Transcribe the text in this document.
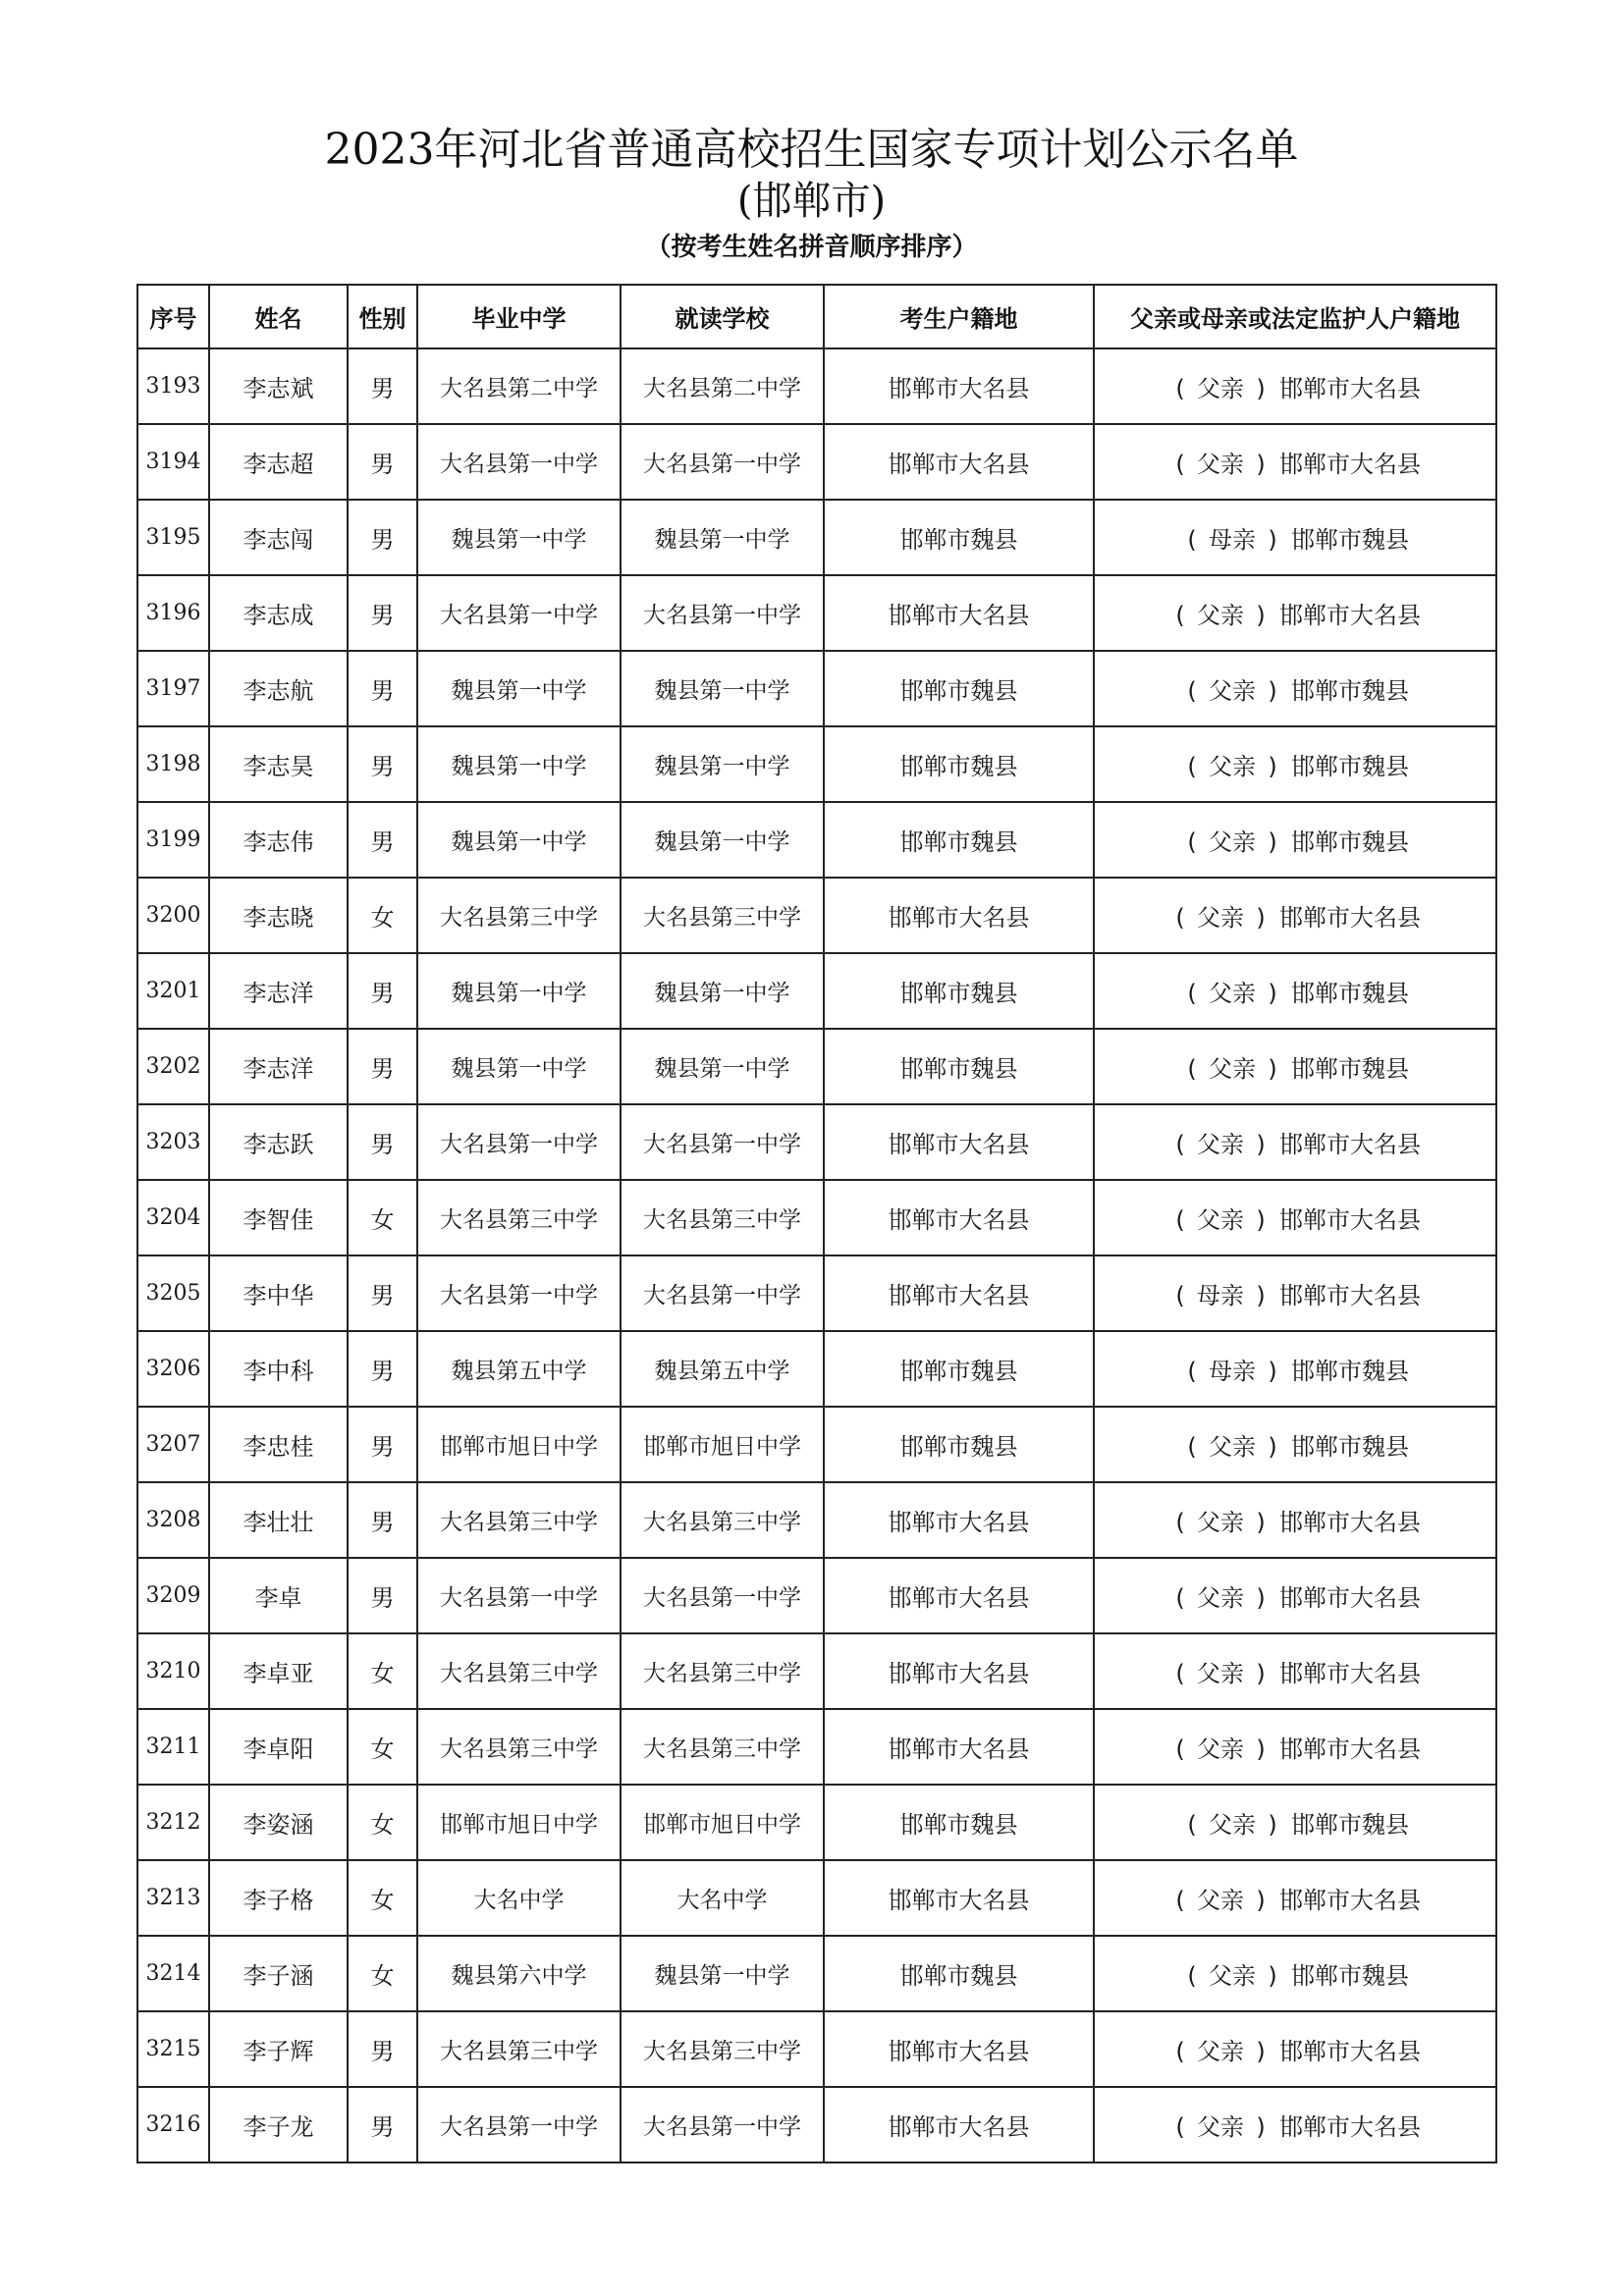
2023年河北省普通高校招生国家专项计划公示名单
(邯郸市)
（按考生姓名拼音顺序排序）
序号	姓名	性别	毕业中学	就读学校	考生户籍地	父亲或母亲或法定监护人户籍地
3193	李志斌	男	大名县第二中学	大名县第二中学	邯郸市大名县	( 父亲 ) 邯郸市大名县
3194	李志超	男	大名县第一中学	大名县第一中学	邯郸市大名县	( 父亲 ) 邯郸市大名县
3195	李志闯	男	魏县第一中学	魏县第一中学	邯郸市魏县	( 母亲 ) 邯郸市魏县
3196	李志成	男	大名县第一中学	大名县第一中学	邯郸市大名县	( 父亲 ) 邯郸市大名县
3197	李志航	男	魏县第一中学	魏县第一中学	邯郸市魏县	( 父亲 ) 邯郸市魏县
3198	李志昊	男	魏县第一中学	魏县第一中学	邯郸市魏县	( 父亲 ) 邯郸市魏县
3199	李志伟	男	魏县第一中学	魏县第一中学	邯郸市魏县	( 父亲 ) 邯郸市魏县
3200	李志晓	女	大名县第三中学	大名县第三中学	邯郸市大名县	( 父亲 ) 邯郸市大名县
3201	李志洋	男	魏县第一中学	魏县第一中学	邯郸市魏县	( 父亲 ) 邯郸市魏县
3202	李志洋	男	魏县第一中学	魏县第一中学	邯郸市魏县	( 父亲 ) 邯郸市魏县
3203	李志跃	男	大名县第一中学	大名县第一中学	邯郸市大名县	( 父亲 ) 邯郸市大名县
3204	李智佳	女	大名县第三中学	大名县第三中学	邯郸市大名县	( 父亲 ) 邯郸市大名县
3205	李中华	男	大名县第一中学	大名县第一中学	邯郸市大名县	( 母亲 ) 邯郸市大名县
3206	李中科	男	魏县第五中学	魏县第五中学	邯郸市魏县	( 母亲 ) 邯郸市魏县
3207	李忠桂	男	邯郸市旭日中学	邯郸市旭日中学	邯郸市魏县	( 父亲 ) 邯郸市魏县
3208	李壮壮	男	大名县第三中学	大名县第三中学	邯郸市大名县	( 父亲 ) 邯郸市大名县
3209	李卓	男	大名县第一中学	大名县第一中学	邯郸市大名县	( 父亲 ) 邯郸市大名县
3210	李卓亚	女	大名县第三中学	大名县第三中学	邯郸市大名县	( 父亲 ) 邯郸市大名县
3211	李卓阳	女	大名县第三中学	大名县第三中学	邯郸市大名县	( 父亲 ) 邯郸市大名县
3212	李姿涵	女	邯郸市旭日中学	邯郸市旭日中学	邯郸市魏县	( 父亲 ) 邯郸市魏县
3213	李子格	女	大名中学	大名中学	邯郸市大名县	( 父亲 ) 邯郸市大名县
3214	李子涵	女	魏县第六中学	魏县第一中学	邯郸市魏县	( 父亲 ) 邯郸市魏县
3215	李子辉	男	大名县第三中学	大名县第三中学	邯郸市大名县	( 父亲 ) 邯郸市大名县
3216	李子龙	男	大名县第一中学	大名县第一中学	邯郸市大名县	( 父亲 ) 邯郸市大名县
